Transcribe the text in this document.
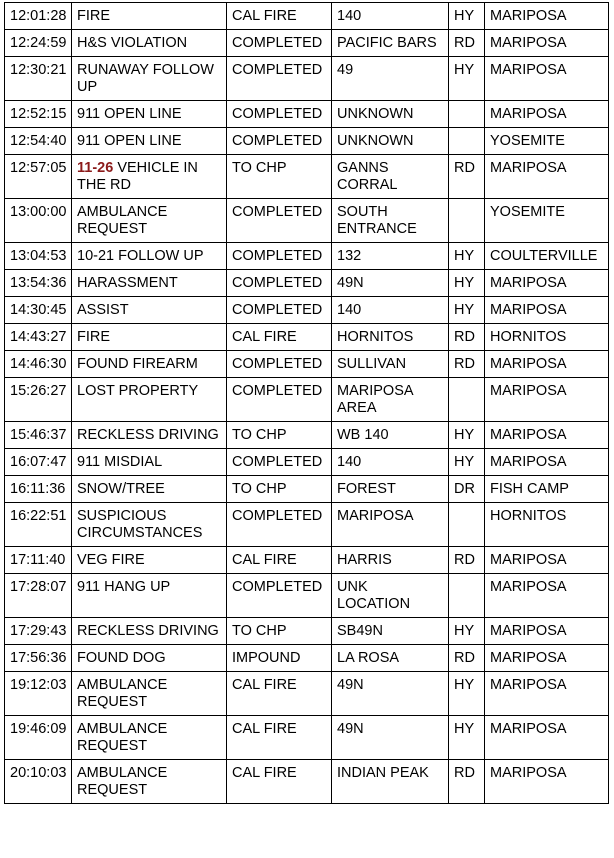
12:01:28	FIRE	CAL FIRE	140	HY	MARIPOSA
12:24:59	H&S VIOLATION	COMPLETED	PACIFIC BARS	RD	MARIPOSA
12:30:21	RUNAWAY FOLLOW UP	COMPLETED	49	HY	MARIPOSA
12:52:15	911 OPEN LINE	COMPLETED	UNKNOWN		MARIPOSA
12:54:40	911 OPEN LINE	COMPLETED	UNKNOWN		YOSEMITE
12:57:05	11-26 VEHICLE IN THE RD	TO CHP	GANNS CORRAL	RD	MARIPOSA
13:00:00	AMBULANCE REQUEST	COMPLETED	SOUTH ENTRANCE		YOSEMITE
13:04:53	10-21 FOLLOW UP	COMPLETED	132	HY	COULTERVILLE
13:54:36	HARASSMENT	COMPLETED	49N	HY	MARIPOSA
14:30:45	ASSIST	COMPLETED	140	HY	MARIPOSA
14:43:27	FIRE	CAL FIRE	HORNITOS	RD	HORNITOS
14:46:30	FOUND FIREARM	COMPLETED	SULLIVAN	RD	MARIPOSA
15:26:27	LOST PROPERTY	COMPLETED	MARIPOSA AREA		MARIPOSA
15:46:37	RECKLESS DRIVING	TO CHP	WB 140	HY	MARIPOSA
16:07:47	911 MISDIAL	COMPLETED	140	HY	MARIPOSA
16:11:36	SNOW/TREE	TO CHP	FOREST	DR	FISH CAMP
16:22:51	SUSPICIOUS CIRCUMSTANCES	COMPLETED	MARIPOSA		HORNITOS
17:11:40	VEG FIRE	CAL FIRE	HARRIS	RD	MARIPOSA
17:28:07	911 HANG UP	COMPLETED	UNK LOCATION		MARIPOSA
17:29:43	RECKLESS DRIVING	TO CHP	SB49N	HY	MARIPOSA
17:56:36	FOUND DOG	IMPOUND	LA ROSA	RD	MARIPOSA
19:12:03	AMBULANCE REQUEST	CAL FIRE	49N	HY	MARIPOSA
19:46:09	AMBULANCE REQUEST	CAL FIRE	49N	HY	MARIPOSA
20:10:03	AMBULANCE REQUEST	CAL FIRE	INDIAN PEAK	RD	MARIPOSA
